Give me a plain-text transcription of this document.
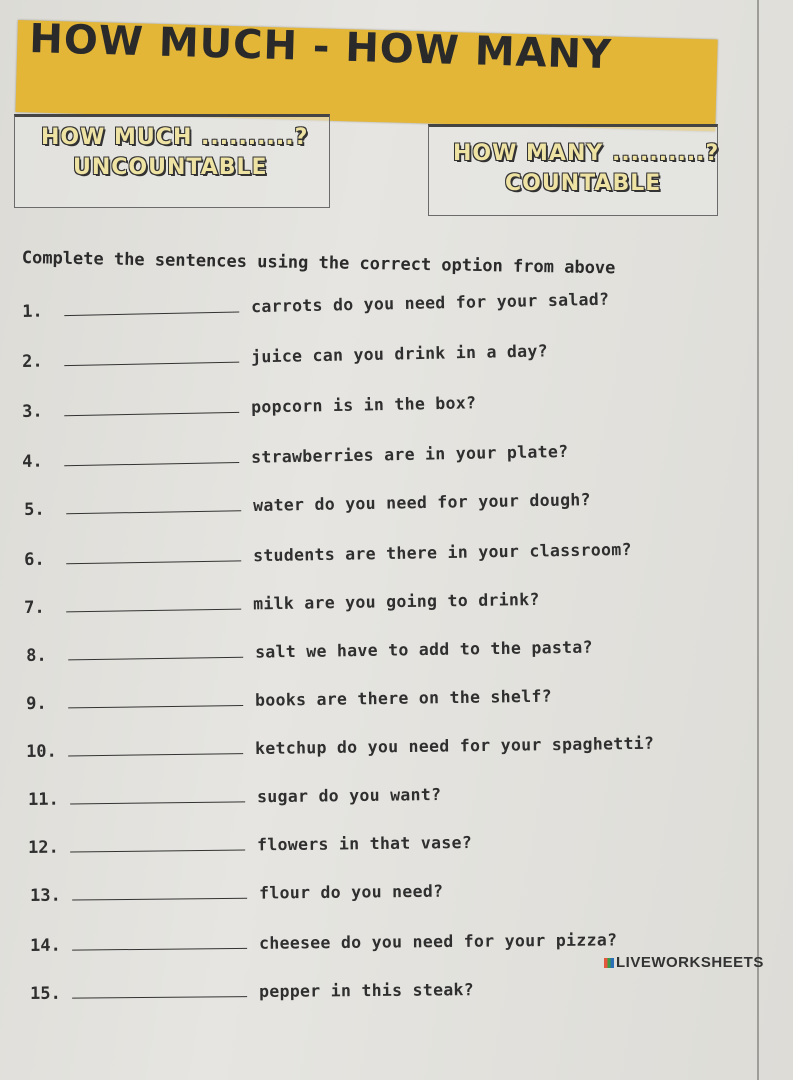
HOW MUCH - HOW MANY
HOW MUCH ..........?
UNCOUNTABLE
HOW MANY ..........?
COUNTABLE
Complete the sentences using the correct option from above
1.	carrots do you need for your salad?
2.	juice can you drink in a day?
3.	popcorn is in the box?
4.	strawberries are in your plate?
5.	water do you need for your dough?
6.	students are there in your classroom?
7.	milk are you going to drink?
8.	salt we have to add to the pasta?
9.	books are there on the shelf?
10.	ketchup do you need for your spaghetti?
11.	sugar do you want?
12.	flowers in that vase?
13.	flour do you need?
14.	cheesee do you need for your pizza?
15.	pepper in this steak?
LIVEWORKSHEETS
